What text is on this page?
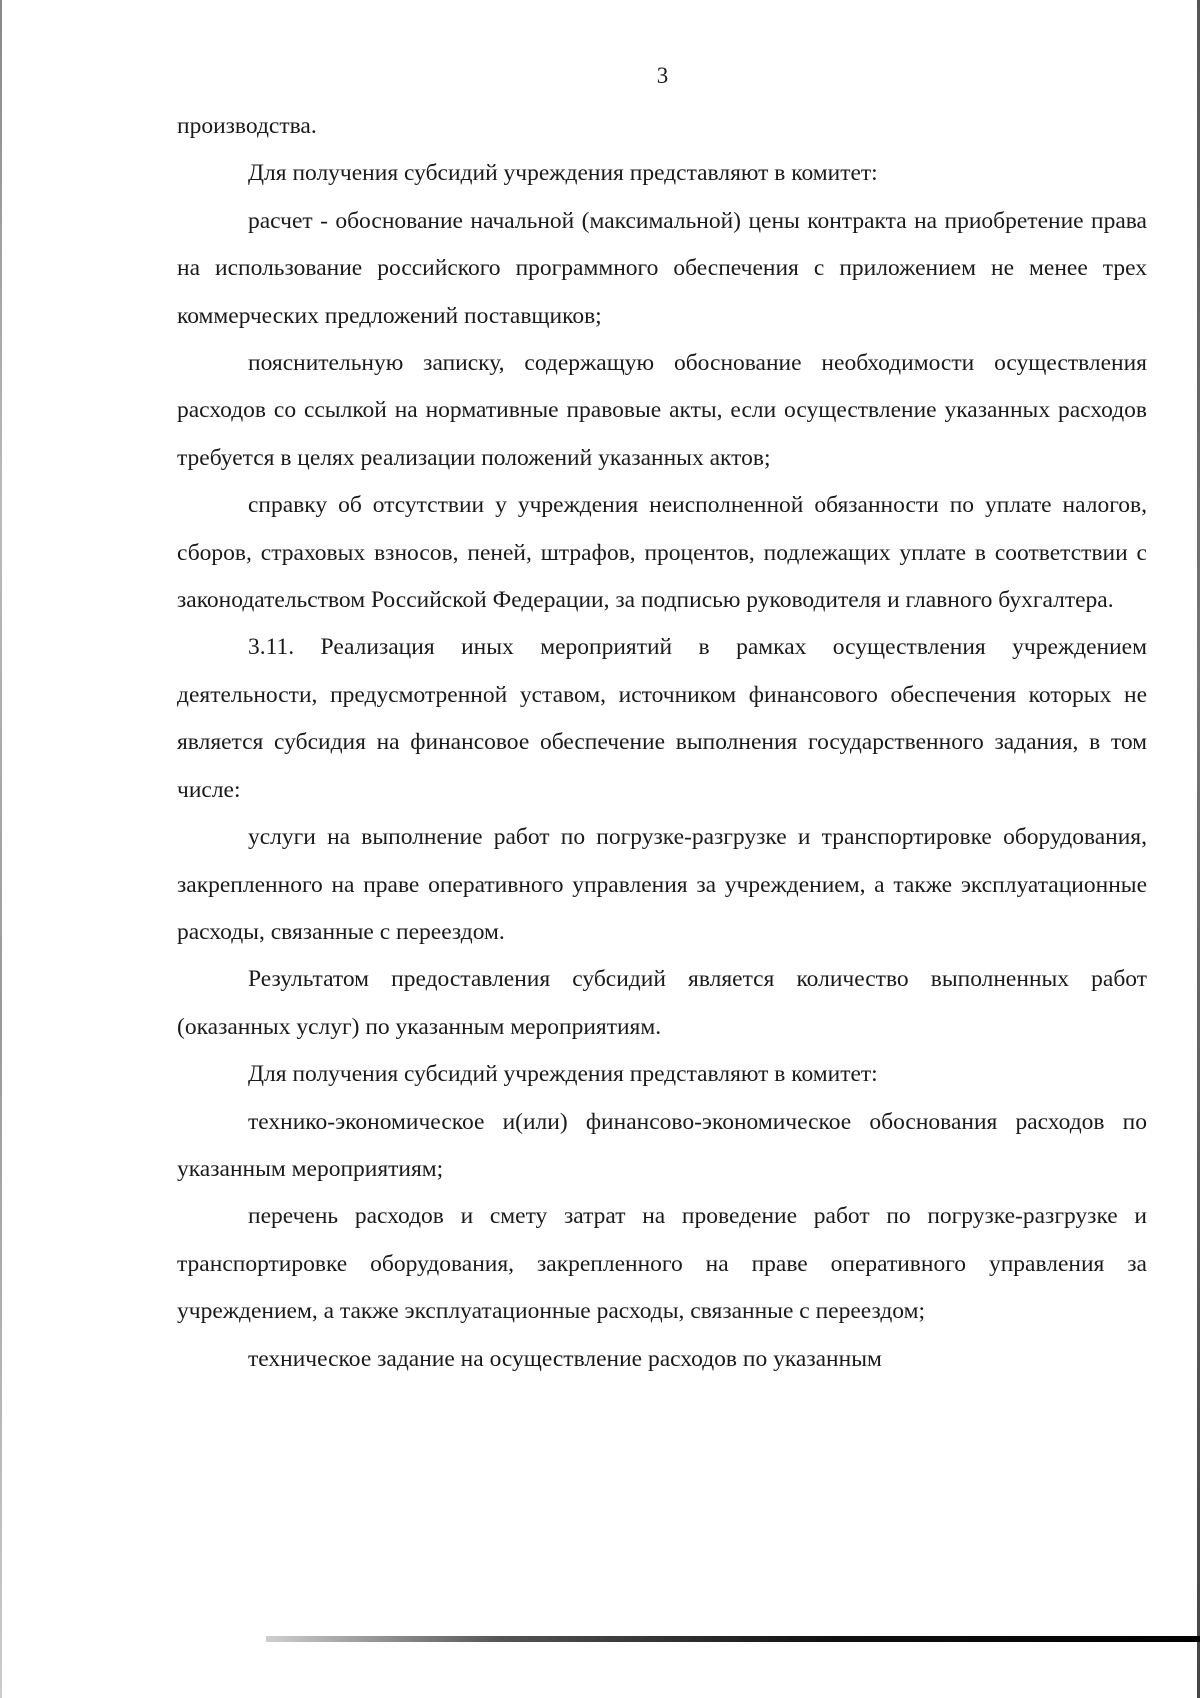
3

производства.

Для получения субсидий учреждения представляют в комитет:

расчет - обоснование начальной (максимальной) цены контракта на приобретение права на использование российского программного обеспечения с приложением не менее трех коммерческих предложений поставщиков;

пояснительную записку, содержащую обоснование необходимости осуществления расходов со ссылкой на нормативные правовые акты, если осуществление указанных расходов требуется в целях реализации положений указанных актов;

справку об отсутствии у учреждения неисполненной обязанности по уплате налогов, сборов, страховых взносов, пеней, штрафов, процентов, подлежащих уплате в соответствии с законодательством Российской Федерации, за подписью руководителя и главного бухгалтера.

3.11. Реализация иных мероприятий в рамках осуществления учреждением деятельности, предусмотренной уставом, источником финансового обеспечения которых не является субсидия на финансовое обеспечение выполнения государственного задания, в том числе:

услуги на выполнение работ по погрузке-разгрузке и транспортировке оборудования, закрепленного на праве оперативного управления за учреждением, а также эксплуатационные расходы, связанные с переездом.

Результатом предоставления субсидий является количество выполненных работ (оказанных услуг) по указанным мероприятиям.

Для получения субсидий учреждения представляют в комитет:

технико-экономическое и(или) финансово-экономическое обоснования расходов по указанным мероприятиям;

перечень расходов и смету затрат на проведение работ по погрузке-разгрузке и транспортировке оборудования, закрепленного на праве оперативного управления за учреждением, а также эксплуатационные расходы, связанные с переездом;

техническое задание на осуществление расходов по указанным
